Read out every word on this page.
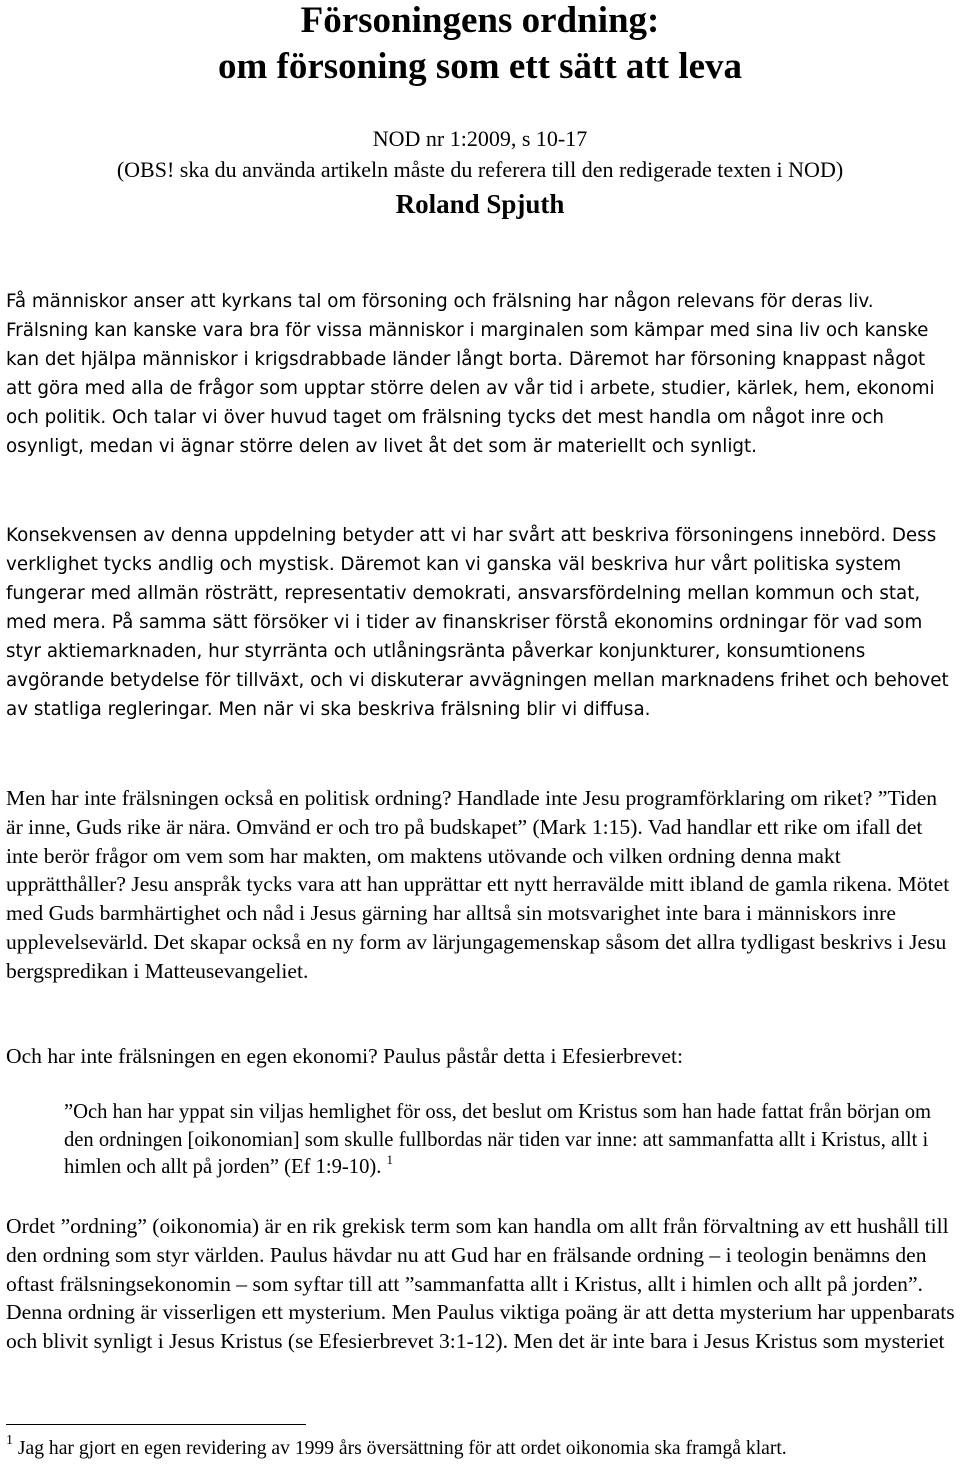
Försoningens ordning:
om försoning som ett sätt att leva
NOD nr 1:2009, s 10-17
(OBS! ska du använda artikeln måste du referera till den redigerade texten i NOD)
Roland Spjuth

Få människor anser att kyrkans tal om försoning och frälsning har någon relevans för deras liv. Frälsning kan kanske vara bra för vissa människor i marginalen som kämpar med sina liv och kanske kan det hjälpa människor i krigsdrabbade länder långt borta. Däremot har försoning knappast något att göra med alla de frågor som upptar större delen av vår tid i arbete, studier, kärlek, hem, ekonomi och politik. Och talar vi över huvud taget om frälsning tycks det mest handla om något inre och osynligt, medan vi ägnar större delen av livet åt det som är materiellt och synligt.

Konsekvensen av denna uppdelning betyder att vi har svårt att beskriva försoningens innebörd. Dess verklighet tycks andlig och mystisk. Däremot kan vi ganska väl beskriva hur vårt politiska system fungerar med allmän rösträtt, representativ demokrati, ansvarsfördelning mellan kommun och stat, med mera. På samma sätt försöker vi i tider av finanskriser förstå ekonomins ordningar för vad som styr aktiemarknaden, hur styrränta och utlåningsränta påverkar konjunkturer, konsumtionens avgörande betydelse för tillväxt, och vi diskuterar avvägningen mellan marknadens frihet och behovet av statliga regleringar. Men när vi ska beskriva frälsning blir vi diffusa.

Men har inte frälsningen också en politisk ordning? Handlade inte Jesu programförklaring om riket? ”Tiden är inne, Guds rike är nära. Omvänd er och tro på budskapet” (Mark 1:15). Vad handlar ett rike om ifall det inte berör frågor om vem som har makten, om maktens utövande och vilken ordning denna makt upprätthåller? Jesu anspråk tycks vara att han upprättar ett nytt herravälde mitt ibland de gamla rikena. Mötet med Guds barmhärtighet och nåd i Jesus gärning har alltså sin motsvarighet inte bara i människors inre upplevelsevärld. Det skapar också en ny form av lärjungagemenskap såsom det allra tydligast beskrivs i Jesu bergspredikan i Matteusevangeliet.

Och har inte frälsningen en egen ekonomi? Paulus påstår detta i Efesierbrevet:

”Och han har yppat sin viljas hemlighet för oss, det beslut om Kristus som han hade fattat från början om den ordningen [oikonomian] som skulle fullbordas när tiden var inne: att sammanfatta allt i Kristus, allt i himlen och allt på jorden” (Ef 1:9-10). $^1$

Ordet ”ordning” (oikonomia) är en rik grekisk term som kan handla om allt från förvaltning av ett hushåll till den ordning som styr världen. Paulus hävdar nu att Gud har en frälsande ordning – i teologin benämns den oftast frälsningsekonomin – som syftar till att ”sammanfatta allt i Kristus, allt i himlen och allt på jorden”. Denna ordning är visserligen ett mysterium. Men Paulus viktiga poäng är att detta mysterium har uppenbarats och blivit synligt i Jesus Kristus (se Efesierbrevet 3:1-12). Men det är inte bara i Jesus Kristus som mysteriet

$^1$ Jag har gjort en egen revidering av 1999 års översättning för att ordet oikonomia ska framgå klart.
